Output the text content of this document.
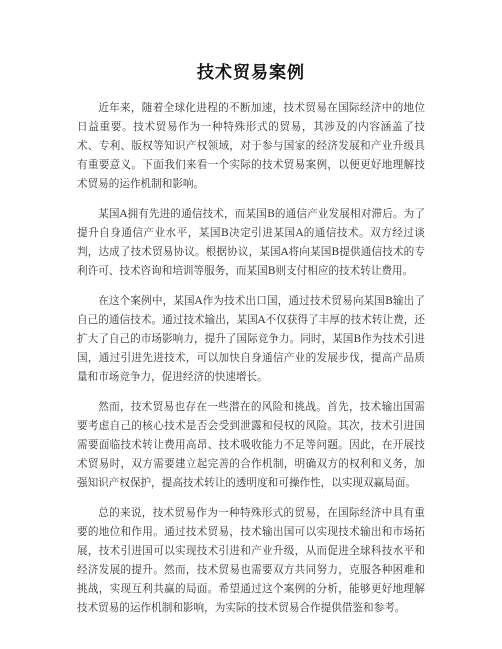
技术贸易案例

近年来，随着全球化进程的不断加速，技术贸易在国际经济中的地位日益重要。技术贸易作为一种特殊形式的贸易，其涉及的内容涵盖了技术、专利、版权等知识产权领域，对于参与国家的经济发展和产业升级具有重要意义。下面我们来看一个实际的技术贸易案例，以便更好地理解技术贸易的运作机制和影响。

某国A拥有先进的通信技术，而某国B的通信产业发展相对滞后。为了提升自身通信产业水平，某国B决定引进某国A的通信技术。双方经过谈判，达成了技术贸易协议。根据协议，某国A将向某国B提供通信技术的专利许可、技术咨询和培训等服务，而某国B则支付相应的技术转让费用。

在这个案例中，某国A作为技术出口国，通过技术贸易向某国B输出了自己的通信技术。通过技术输出，某国A不仅获得了丰厚的技术转让费，还扩大了自己的市场影响力，提升了国际竞争力。同时，某国B作为技术引进国，通过引进先进技术，可以加快自身通信产业的发展步伐，提高产品质量和市场竞争力，促进经济的快速增长。

然而，技术贸易也存在一些潜在的风险和挑战。首先，技术输出国需要考虑自己的核心技术是否会受到泄露和侵权的风险。其次，技术引进国需要面临技术转让费用高昂、技术吸收能力不足等问题。因此，在开展技术贸易时，双方需要建立起完善的合作机制，明确双方的权利和义务，加强知识产权保护，提高技术转让的透明度和可操作性，以实现双赢局面。

总的来说，技术贸易作为一种特殊形式的贸易，在国际经济中具有重要的地位和作用。通过技术贸易，技术输出国可以实现技术输出和市场拓展，技术引进国可以实现技术引进和产业升级，从而促进全球科技水平和经济发展的提升。然而，技术贸易也需要双方共同努力，克服各种困难和挑战，实现互利共赢的局面。希望通过这个案例的分析，能够更好地理解技术贸易的运作机制和影响，为实际的技术贸易合作提供借鉴和参考。
